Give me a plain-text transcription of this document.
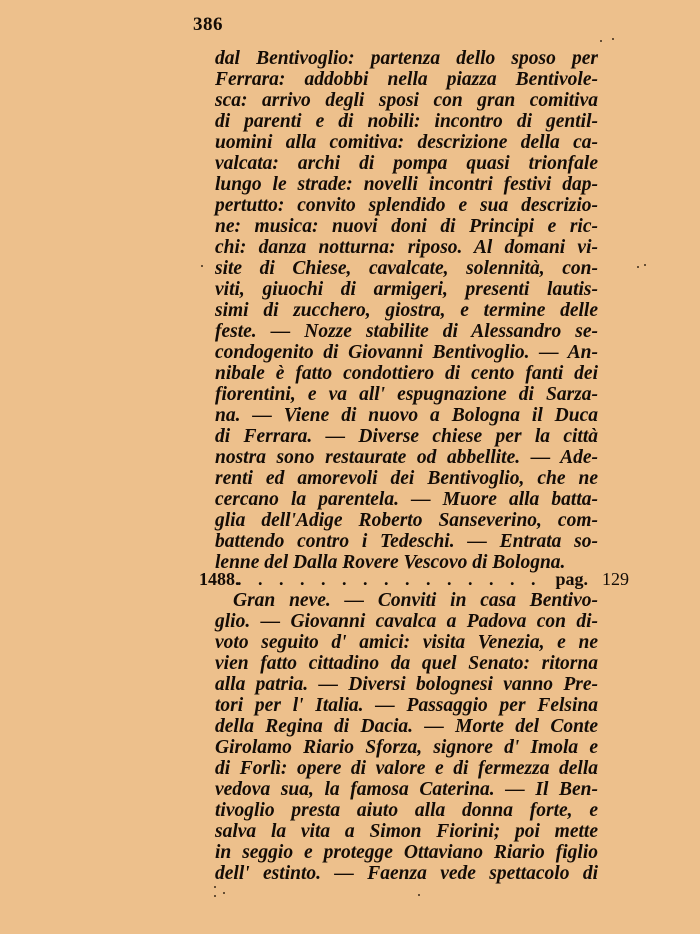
386
dal Bentivoglio: partenza dello sposo per
Ferrara: addobbi nella piazza Bentivole-
sca: arrivo degli sposi con gran comitiva
di parenti e di nobili: incontro di gentil-
uomini alla comitiva: descrizione della ca-
valcata: archi di pompa quasi trionfale
lungo le strade: novelli incontri festivi dap-
pertutto: convito splendido e sua descrizio-
ne: musica: nuovi doni di Principi e ric-
chi: danza notturna: riposo. Al domani vi-
site di Chiese, cavalcate, solennità, con-
viti, giuochi di armigeri, presenti lautis-
simi di zucchero, giostra, e termine delle
feste. — Nozze stabilite di Alessandro se-
condogenito di Giovanni Bentivoglio. — An-
nibale è fatto condottiero di cento fanti dei
fiorentini, e va all' espugnazione di Sarza-
na. — Viene di nuovo a Bologna il Duca
di Ferrara. — Diverse chiese per la città
nostra sono restaurate od abbellite. — Ade-
renti ed amorevoli dei Bentivoglio, che ne
cercano la parentela. — Muore alla batta-
glia dell'Adige Roberto Sanseverino, com-
battendo contro i Tedeschi. — Entrata so-
lenne del Dalla Rovere Vescovo di Bologna.
1488.
. . . . . . . . . . . . . . . pag. 129
Gran neve. — Conviti in casa Bentivo-
glio. — Giovanni cavalca a Padova con di-
voto seguito d' amici: visita Venezia, e ne
vien fatto cittadino da quel Senato: ritorna
alla patria. — Diversi bolognesi vanno Pre-
tori per l' Italia. — Passaggio per Felsina
della Regina di Dacia. — Morte del Conte
Girolamo Riario Sforza, signore d' Imola e
di Forlì: opere di valore e di fermezza della
vedova sua, la famosa Caterina. — Il Ben-
tivoglio presta aiuto alla donna forte, e
salva la vita a Simon Fiorini; poi mette
in seggio e protegge Ottaviano Riario figlio
dell' estinto. — Faenza vede spettacolo di
